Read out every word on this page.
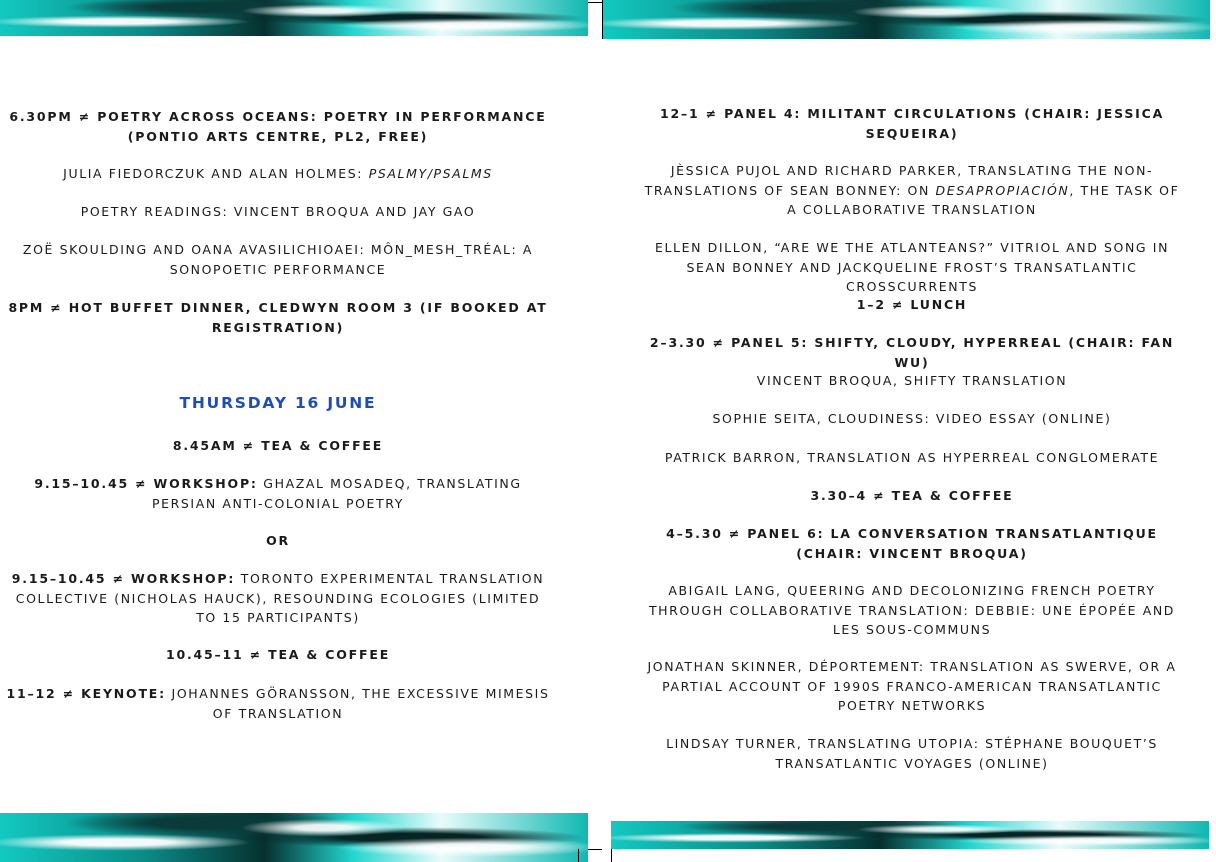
6.30PM ≠ POETRY ACROSS OCEANS: POETRY IN PERFORMANCE (PONTIO ARTS CENTRE, PL2, FREE)
JULIA FIEDORCZUK AND ALAN HOLMES: PSALMY/PSALMS
POETRY READINGS: VINCENT BROQUA AND JAY GAO
ZOË SKOULDING AND OANA AVASILICHIOAEI: MÔN_MESH_TRÉAL: A SONOPOETIC PERFORMANCE
8PM ≠ HOT BUFFET DINNER, CLEDWYN ROOM 3 (IF BOOKED AT REGISTRATION)
THURSDAY 16 JUNE
8.45AM ≠ TEA & COFFEE
9.15–10.45 ≠ WORKSHOP: GHAZAL MOSADEQ, TRANSLATING PERSIAN ANTI-COLONIAL POETRY
OR
9.15–10.45 ≠ WORKSHOP: TORONTO EXPERIMENTAL TRANSLATION COLLECTIVE (NICHOLAS HAUCK), RESOUNDING ECOLOGIES (LIMITED TO 15 PARTICIPANTS)
10.45–11 ≠ TEA & COFFEE
11–12 ≠ KEYNOTE: JOHANNES GÖRANSSON, THE EXCESSIVE MIMESIS OF TRANSLATION
12–1 ≠ PANEL 4: MILITANT CIRCULATIONS (CHAIR: JESSICA SEQUEIRA)
JÈSSICA PUJOL AND RICHARD PARKER, TRANSLATING THE NON-TRANSLATIONS OF SEAN BONNEY: ON DESAPROPIACIÓN, THE TASK OF A COLLABORATIVE TRANSLATION
ELLEN DILLON, “ARE WE THE ATLANTEANS?” VITRIOL AND SONG IN SEAN BONNEY AND JACKQUELINE FROST’S TRANSATLANTIC CROSSCURRENTS
1–2 ≠ LUNCH
2–3.30 ≠ PANEL 5: SHIFTY, CLOUDY, HYPERREAL (CHAIR: FAN WU)
VINCENT BROQUA, SHIFTY TRANSLATION
SOPHIE SEITA, CLOUDINESS: VIDEO ESSAY (ONLINE)
PATRICK BARRON, TRANSLATION AS HYPERREAL CONGLOMERATE
3.30–4 ≠ TEA & COFFEE
4–5.30 ≠ PANEL 6: LA CONVERSATION TRANSATLANTIQUE (CHAIR: VINCENT BROQUA)
ABIGAIL LANG, QUEERING AND DECOLONIZING FRENCH POETRY THROUGH COLLABORATIVE TRANSLATION: DEBBIE: UNE ÉPOPÉE AND LES SOUS-COMMUNS
JONATHAN SKINNER, DÉPORTEMENT: TRANSLATION AS SWERVE, OR A PARTIAL ACCOUNT OF 1990S FRANCO-AMERICAN TRANSATLANTIC POETRY NETWORKS
LINDSAY TURNER, TRANSLATING UTOPIA: STÉPHANE BOUQUET’S TRANSATLANTIC VOYAGES (ONLINE)
